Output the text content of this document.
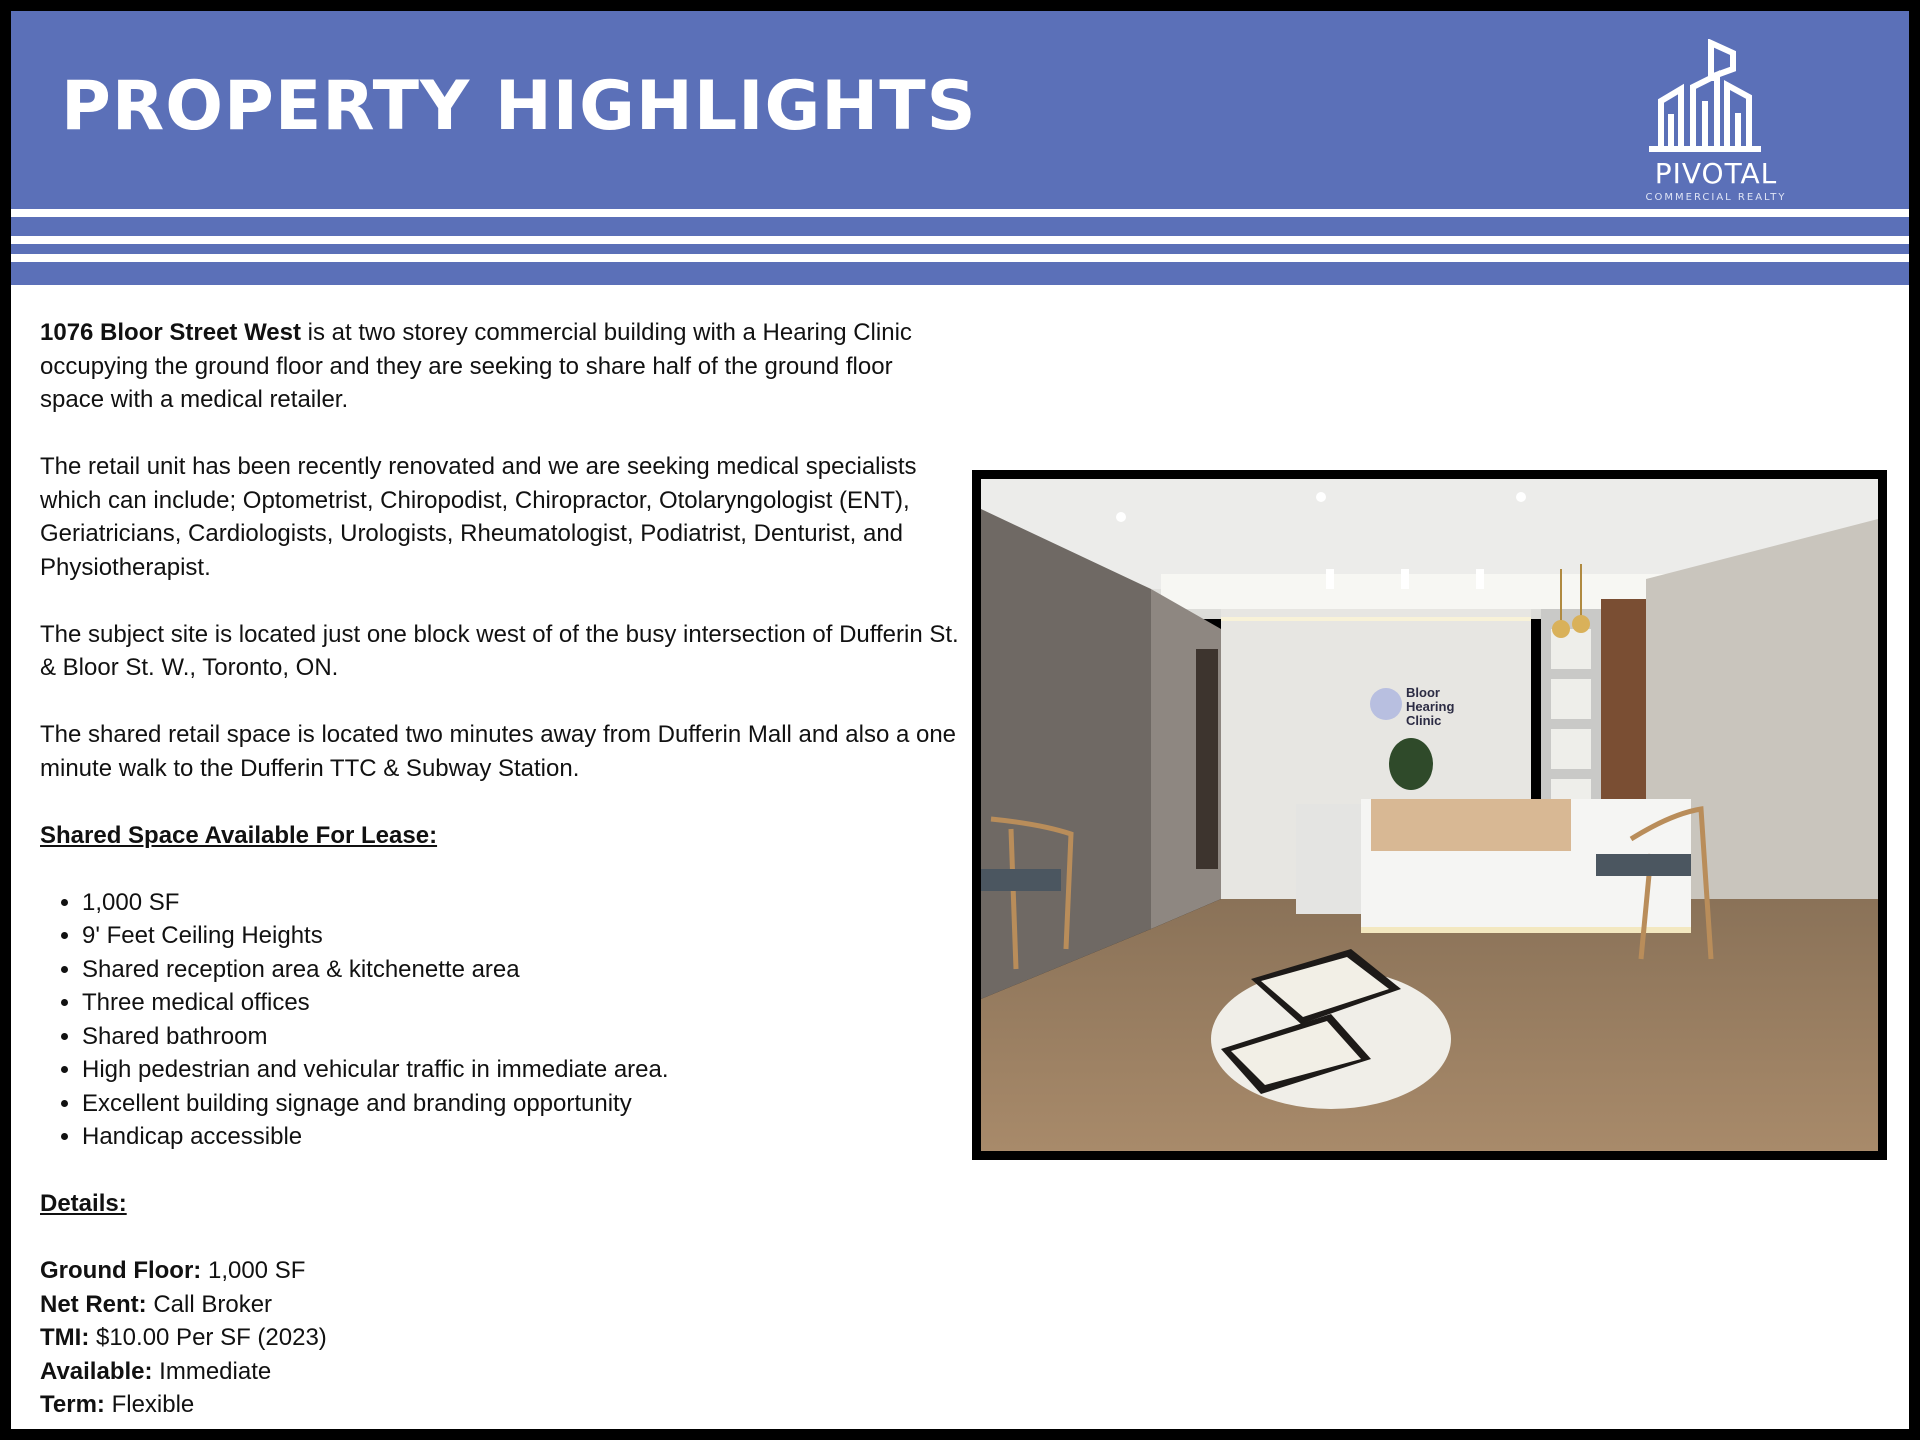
PROPERTY HIGHLIGHTS
PIVOTAL
COMMERCIAL REALTY

1076 Bloor Street West is at two storey commercial building with a Hearing Clinic occupying the ground floor and they are seeking to share half of the ground floor space with a medical retailer.

The retail unit has been recently renovated and we are seeking medical specialists which can include; Optometrist, Chiropodist, Chiropractor, Otolaryngologist (ENT), Geriatricians, Cardiologists, Urologists, Rheumatologist, Podiatrist, Denturist, and Physiotherapist.

The subject site is located just one block west of of the busy intersection of Dufferin St. & Bloor St. W., Toronto, ON.

The shared retail space is located two minutes away from Dufferin Mall and also a one minute walk to the Dufferin TTC & Subway Station.

Shared Space Available For Lease:
• 1,000 SF
• 9' Feet Ceiling Heights
• Shared reception area & kitchenette area
• Three medical offices
• Shared bathroom
• High pedestrian and vehicular traffic in immediate area.
• Excellent building signage and branding opportunity
• Handicap accessible
Details:
Ground Floor: 1,000 SF
Net Rent: Call Broker
TMI: $10.00 Per SF (2023)
Available: Immediate
Term: Flexible
Bloor
Hearing
Clinic
